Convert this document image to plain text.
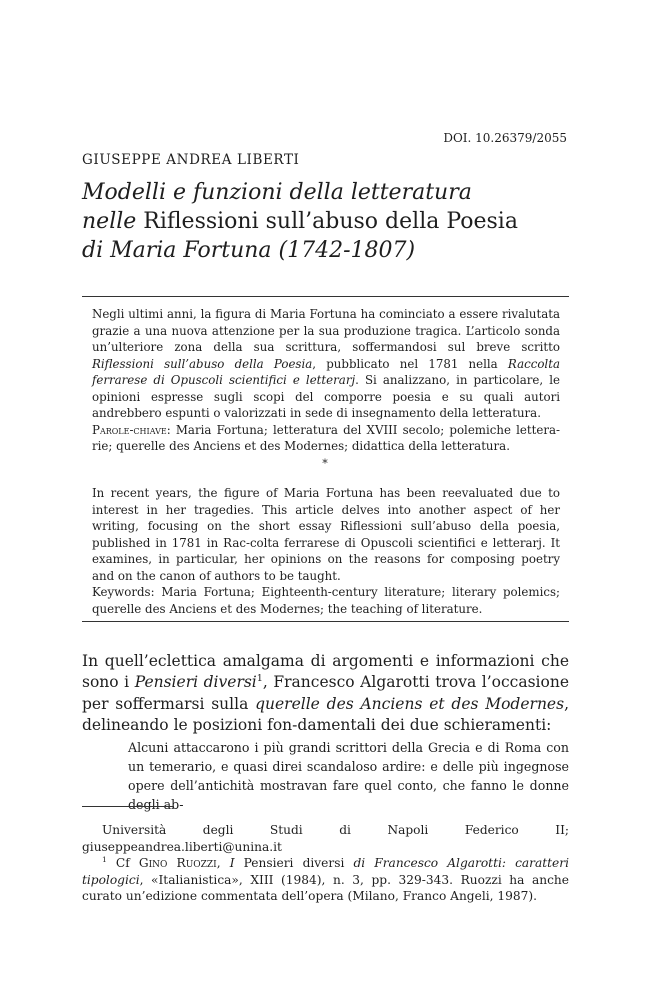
DOI. 10.26379/2055
GIUSEPPE ANDREA LIBERTI
Modelli e funzioni della letteratura
nelle Riflessioni sull’abuso della Poesia
di Maria Fortuna (1742-1807)

Negli ultimi anni, la figura di Maria Fortuna ha cominciato a essere rivalutata grazie a una nuova attenzione per la sua produzione tragica. L’articolo sonda un’ulteriore zona della sua scrittura, soffermandosi sul breve scritto Riflessioni sull’abuso della Poesia, pubblicato nel 1781 nella Raccolta ferrarese di Opuscoli scientifici e letterarj. Si analizzano, in particolare, le opinioni espresse sugli scopi del comporre poesia e su quali autori andrebbero espunti o valorizzati in sede di insegnamento della letteratura.

Parole-chiave: Maria Fortuna; letteratura del XVIII secolo; polemiche lettera-rie; querelle des Anciens et des Modernes; didattica della letteratura.

*

In recent years, the figure of Maria Fortuna has been reevaluated due to interest in her tragedies. This article delves into another aspect of her writing, focusing on the short essay Riflessioni sull’abuso della poesia, published in 1781 in Rac-colta ferrarese di Opuscoli scientifici e letterarj. It examines, in particular, her opinions on the reasons for composing poetry and on the canon of authors to be taught.

Keywords: Maria Fortuna; Eighteenth-century literature; literary polemics; querelle des Anciens et des Modernes; the teaching of literature.

In quell’eclettica amalgama di argomenti e informazioni che sono i Pensieri diversi$^1$, Francesco Algarotti trova l’occasione per soffermarsi sulla querelle des Anciens et des Modernes, delineando le posizioni fon-damentali dei due schieramenti:

Alcuni attaccarono i più grandi scrittori della Grecia e di Roma con un temerario, e quasi direi scandaloso ardire: e delle più ingegnose opere dell’antichità mostravan fare quel conto, che fanno le donne degli ab-

Università degli Studi di Napoli Federico II; giuseppeandrea.liberti@unina.it

$^1$ Cf Gino Ruozzi, I Pensieri diversi di Francesco Algarotti: caratteri tipologici, «Italianistica», XIII (1984), n. 3, pp. 329-343. Ruozzi ha anche curato un’edizione commentata dell’opera (Milano, Franco Angeli, 1987).
